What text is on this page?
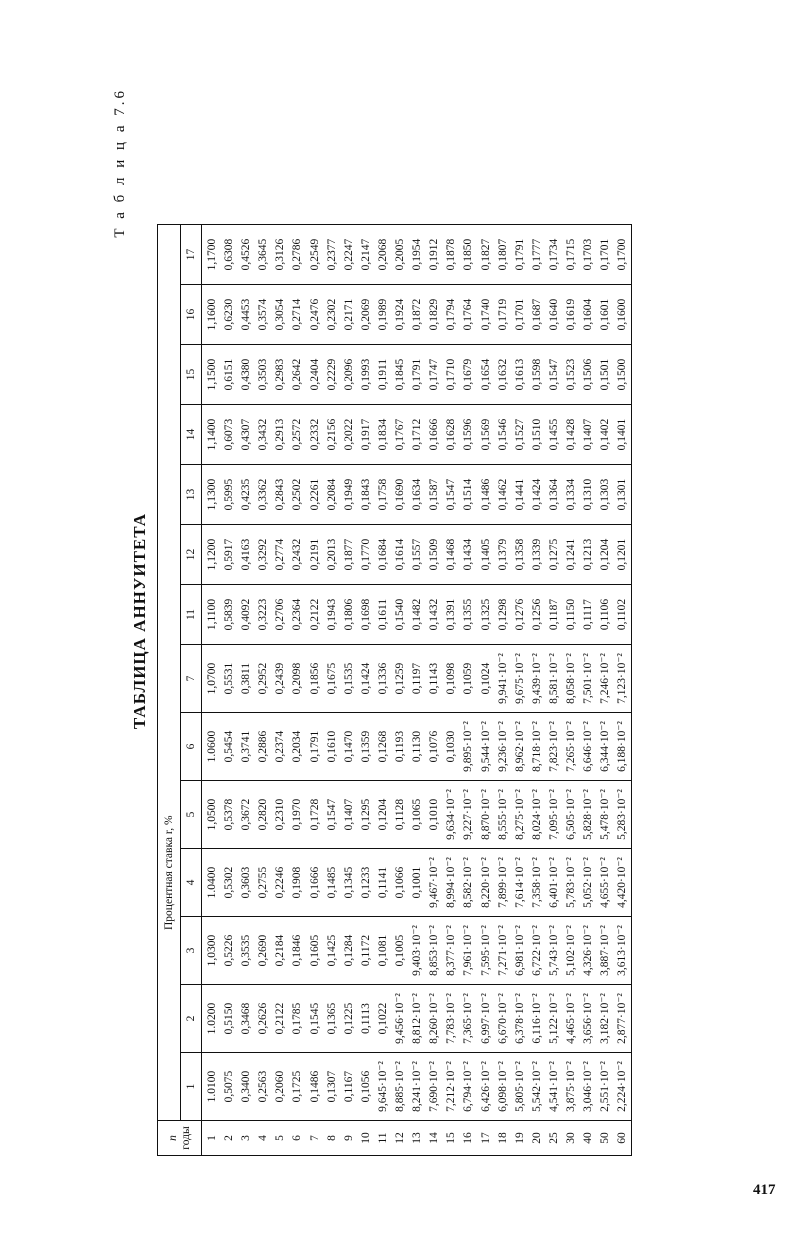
Т а б л и ц а 7.6
ТАБЛИЦА АННУИТЕТА
n
годы	Процентная ставка r, %													
	1	2	3	4	5	6	7	11	12	13	14	15	16	17
1	1.0100	1.0200	1,0300	1.0400	1,0500	1.0600	1,0700	1,1100	1,1200	1,1300	1,1400	1,1500	1,1600	1,1700
2	0,5075	0,5150	0,5226	0,5302	0,5378	0,5454	0,5531	0,5839	0,5917	0,5995	0,6073	0,6151	0,6230	0,6308
3	0,3400	0,3468	0,3535	0,3603	0,3672	0,3741	0,3811	0,4092	0,4163	0,4235	0,4307	0,4380	0,4453	0,4526
4	0,2563	0,2626	0,2690	0,2755	0,2820	0,2886	0,2952	0,3223	0,3292	0,3362	0,3432	0,3503	0,3574	0,3645
5	0,2060	0,2122	0,2184	0,2246	0,2310	0,2374	0,2439	0,2706	0,2774	0,2843	0,2913	0,2983	0,3054	0,3126
6	0,1725	0,1785	0,1846	0,1908	0,1970	0,2034	0,2098	0,2364	0,2432	0,2502	0,2572	0,2642	0,2714	0,2786
7	0,1486	0,1545	0,1605	0,1666	0,1728	0,1791	0,1856	0,2122	0,2191	0,2261	0,2332	0,2404	0,2476	0,2549
8	0,1307	0,1365	0,1425	0,1485	0,1547	0,1610	0,1675	0,1943	0,2013	0,2084	0,2156	0,2229	0,2302	0,2377
9	0,1167	0,1225	0,1284	0,1345	0,1407	0,1470	0,1535	0,1806	0,1877	0,1949	0,2022	0,2096	0,2171	0,2247
10	0,1056	0,1113	0,1172	0,1233	0,1295	0,1359	0,1424	0,1698	0,1770	0,1843	0,1917	0,1993	0,2069	0,2147
11	9,645·10⁻²	0,1022	0,1081	0,1141	0,1204	0,1268	0,1336	0,1611	0,1684	0,1758	0,1834	0,1911	0,1989	0,2068
12	8,885·10⁻²	9,456·10⁻²	0,1005	0,1066	0,1128	0,1193	0,1259	0,1540	0,1614	0,1690	0,1767	0,1845	0,1924	0,2005
13	8,241·10⁻²	8,812·10⁻²	9,403·10⁻²	0,1001	0,1065	0,1130	0,1197	0,1482	0,1557	0,1634	0,1712	0,1791	0,1872	0,1954
14	7,690·10⁻²	8,260·10⁻²	8,853·10⁻²	9,467·10⁻²	0,1010	0,1076	0,1143	0,1432	0,1509	0,1587	0,1666	0,1747	0,1829	0,1912
15	7,212·10⁻²	7,783·10⁻²	8,377·10⁻²	8,994·10⁻²	9,634·10⁻²	0,1030	0,1098	0,1391	0,1468	0,1547	0,1628	0,1710	0,1794	0,1878
16	6,794·10⁻²	7,365·10⁻²	7,961·10⁻²	8,582·10⁻²	9,227·10⁻²	9,895·10⁻²	0,1059	0,1355	0,1434	0,1514	0,1596	0,1679	0,1764	0,1850
17	6,426·10⁻²	6,997·10⁻²	7,595·10⁻²	8,220·10⁻²	8,870·10⁻²	9,544·10⁻²	0,1024	0,1325	0,1405	0,1486	0,1569	0,1654	0,1740	0,1827
18	6,098·10⁻²	6,670·10⁻²	7,271·10⁻²	7,899·10⁻²	8,555·10⁻²	9,236·10⁻²	9,941·10⁻²	0,1298	0,1379	0,1462	0,1546	0,1632	0,1719	0,1807
19	5,805·10⁻²	6,378·10⁻²	6,981·10⁻²	7,614·10⁻²	8,275·10⁻²	8,962·10⁻²	9,675·10⁻²	0,1276	0,1358	0,1441	0,1527	0,1613	0,1701	0,1791
20	5,542·10⁻²	6,116·10⁻²	6,722·10⁻²	7,358·10⁻²	8,024·10⁻²	8,718·10⁻²	9,439·10⁻²	0,1256	0,1339	0,1424	0,1510	0,1598	0,1687	0,1777
25	4,541·10⁻²	5,122·10⁻²	5,743·10⁻²	6,401·10⁻²	7,095·10⁻²	7,823·10⁻²	8,581·10⁻²	0,1187	0,1275	0,1364	0,1455	0,1547	0,1640	0,1734
30	3,875·10⁻²	4,465·10⁻²	5,102·10⁻²	5,783·10⁻²	6,505·10⁻²	7,265·10⁻²	8,058·10⁻²	0,1150	0,1241	0,1334	0,1428	0,1523	0,1619	0,1715
40	3,046·10⁻²	3,656·10⁻²	4,326·10⁻²	5,052·10⁻²	5,828·10⁻²	6,646·10⁻²	7,501·10⁻²	0,1117	0,1213	0,1310	0,1407	0,1506	0,1604	0,1703
50	2,551·10⁻²	3,182·10⁻²	3,887·10⁻²	4,655·10⁻²	5,478·10⁻²	6,344·10⁻²	7,246·10⁻²	0,1106	0,1204	0,1303	0,1402	0,1501	0,1601	0,1701
60	2,224·10⁻²	2,877·10⁻²	3,613·10⁻²	4,420·10⁻²	5,283·10⁻²	6,188·10⁻²	7,123·10⁻²	0,1102	0,1201	0,1301	0,1401	0,1500	0,1600	0,1700
417
